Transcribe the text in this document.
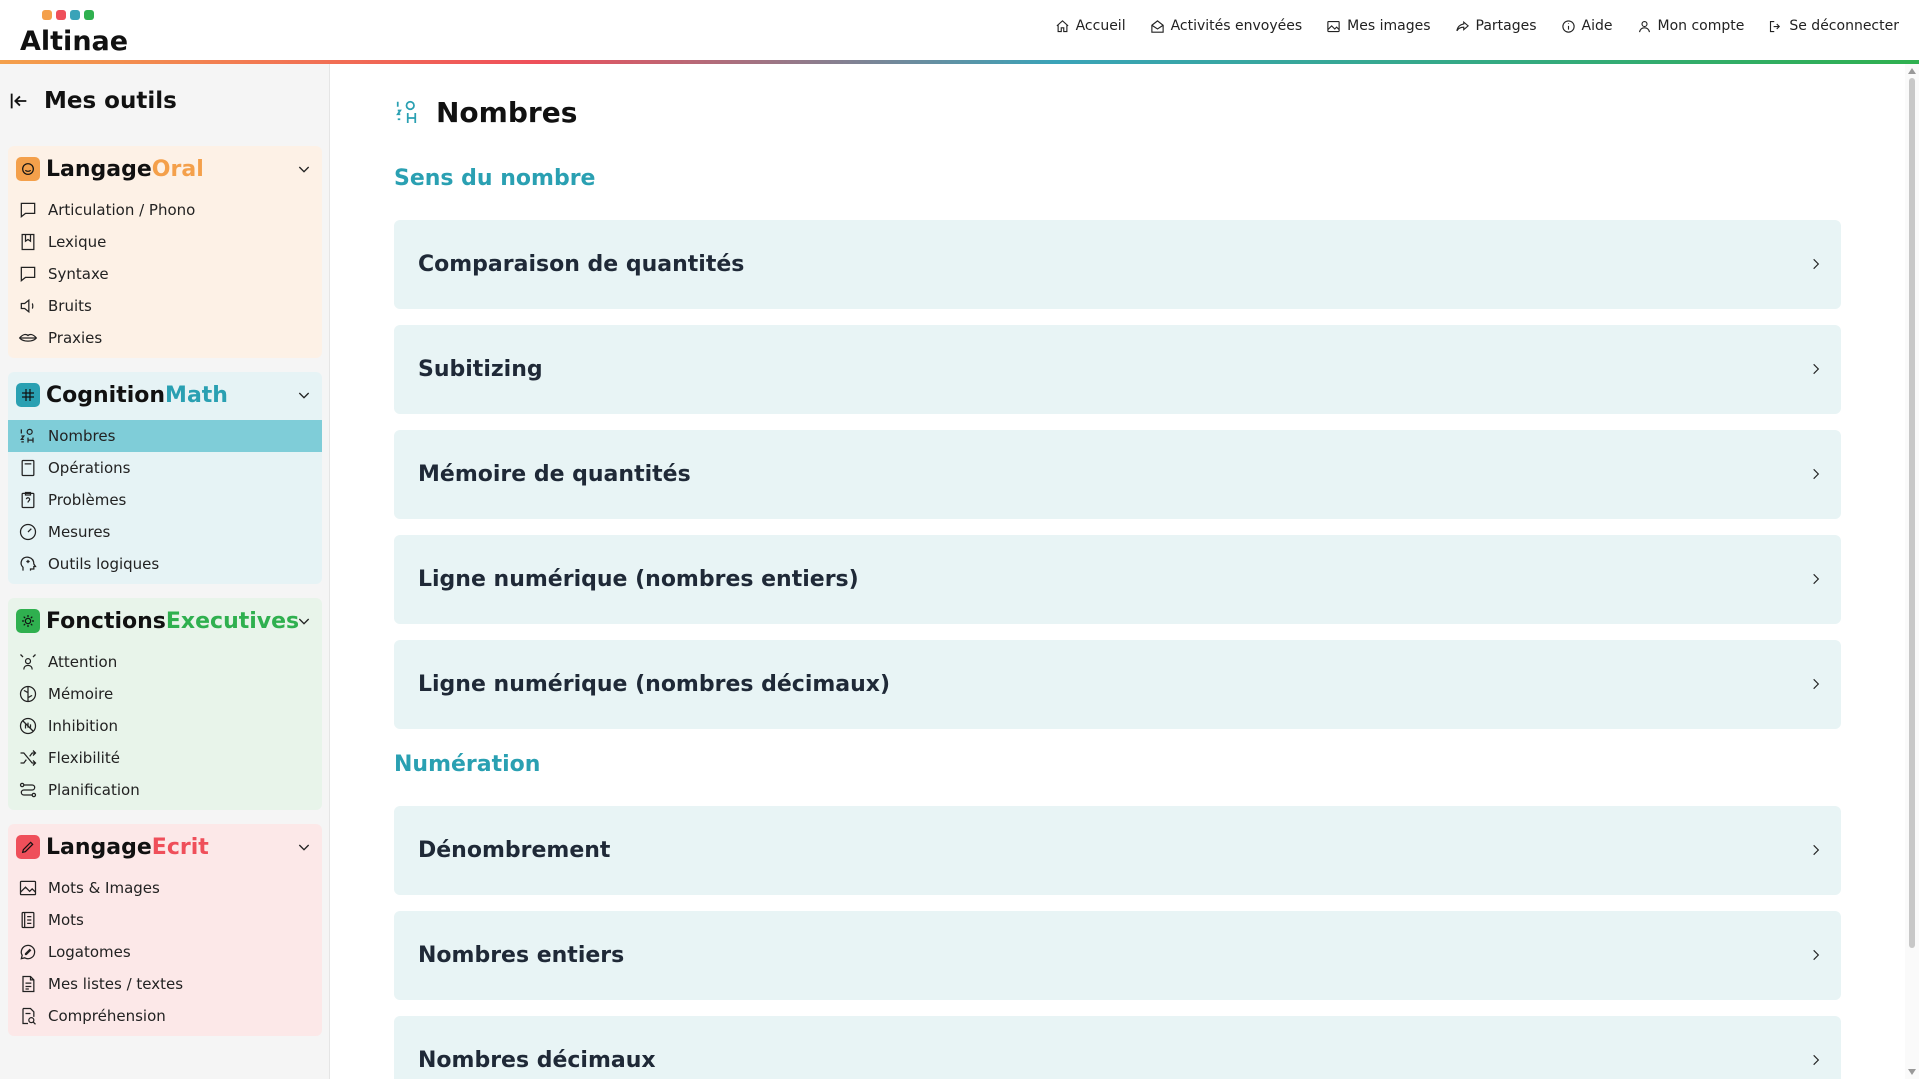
Altinae	Accueil	Activités envoyées	Mes images	Partages	Aide	Mon compte	Se déconnecter
Mes outils
Langage Oral
Articulation / Phono
Lexique
Syntaxe
Bruits
Praxies
Cognition Math
Nombres
Opérations
Problèmes
Mesures
Outils logiques
Fonctions Executives
Attention
Mémoire
Inhibition
Flexibilité
Planification
Langage Ecrit
Mots & Images
Mots
Logatomes
Mes listes / textes
Compréhension
Nombres
Sens du nombre
Comparaison de quantités
Subitizing
Mémoire de quantités
Ligne numérique (nombres entiers)
Ligne numérique (nombres décimaux)
Numération
Dénombrement
Nombres entiers
Nombres décimaux
